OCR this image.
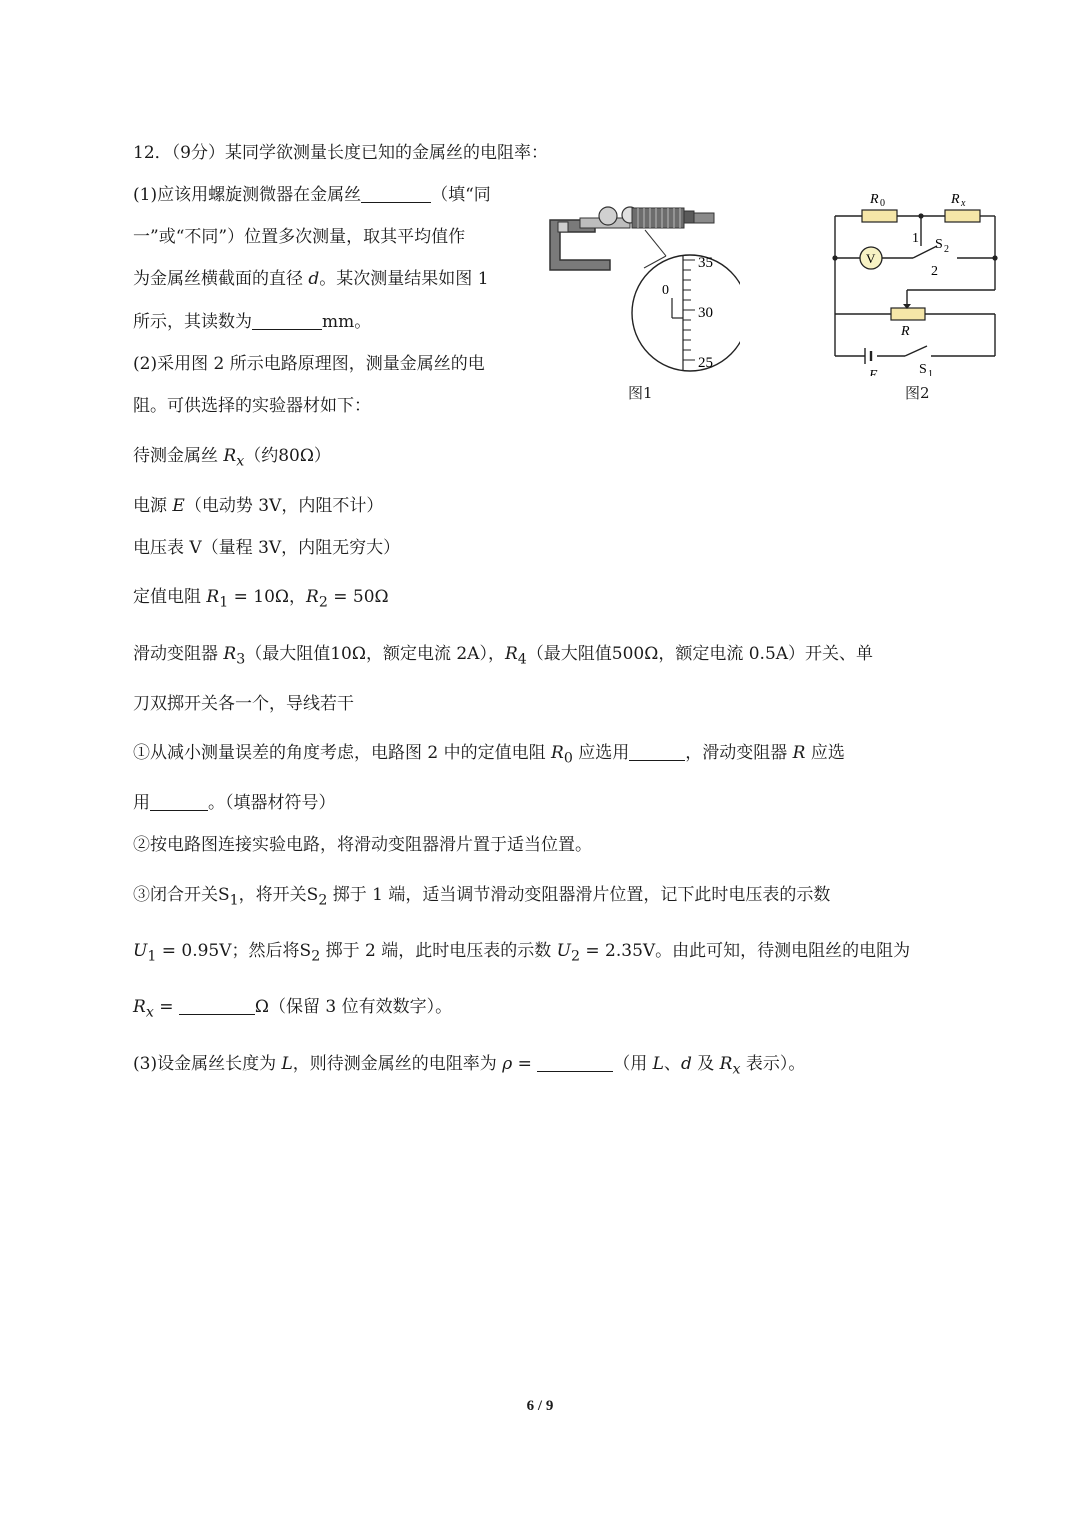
12．（9分）某同学欲测量长度已知的金属丝的电阻率：
(1)应该用螺旋测微器在金属丝	（填“同
一”或“不同”）位置多次测量，取其平均值作
为金属丝横截面的直径 d。某次测量结果如图 1
所示，其读数为	mm。
(2)采用图 2 所示电路原理图，测量金属丝的电
阻。可供选择的实验器材如下：
待测金属丝 $R_x$（约80Ω）
电源 E（电动势 3V，内阻不计）
电压表 V（量程 3V，内阻无穷大）
定值电阻 $R_1 = 10\Omega$，$R_2 = 50\Omega$
滑动变阻器 $R_3$（最大阻值10Ω，额定电流 2A），$R_4$（最大阻值500Ω，额定电流 0.5A）开关、单
刀双掷开关各一个，导线若干
①从减小测量误差的角度考虑，电路图 2 中的定值电阻 $R_0$ 应选用	，滑动变阻器 R 应选
用	。（填器材符号）
②按电路图连接实验电路，将滑动变阻器滑片置于适当位置。
③闭合开关$S_1$，将开关$S_2$ 掷于 1 端，适当调节滑动变阻器滑片位置，记下此时电压表的示数
$U_1 = 0.95V$；然后将$S_2$ 掷于 2 端，此时电压表的示数 $U_2 = 2.35V$。由此可知，待测电阻丝的电阻为
$R_x$ =	Ω（保留 3 位有效数字）。
(3)设金属丝长度为 L，则待测金属丝的电阻率为 ρ =	（用 L、d 及 $R_x$ 表示）。
35
30
25
0
图1
V
R 0	R x
1 S 2
2
R
E	S 1
图2
6 / 9
